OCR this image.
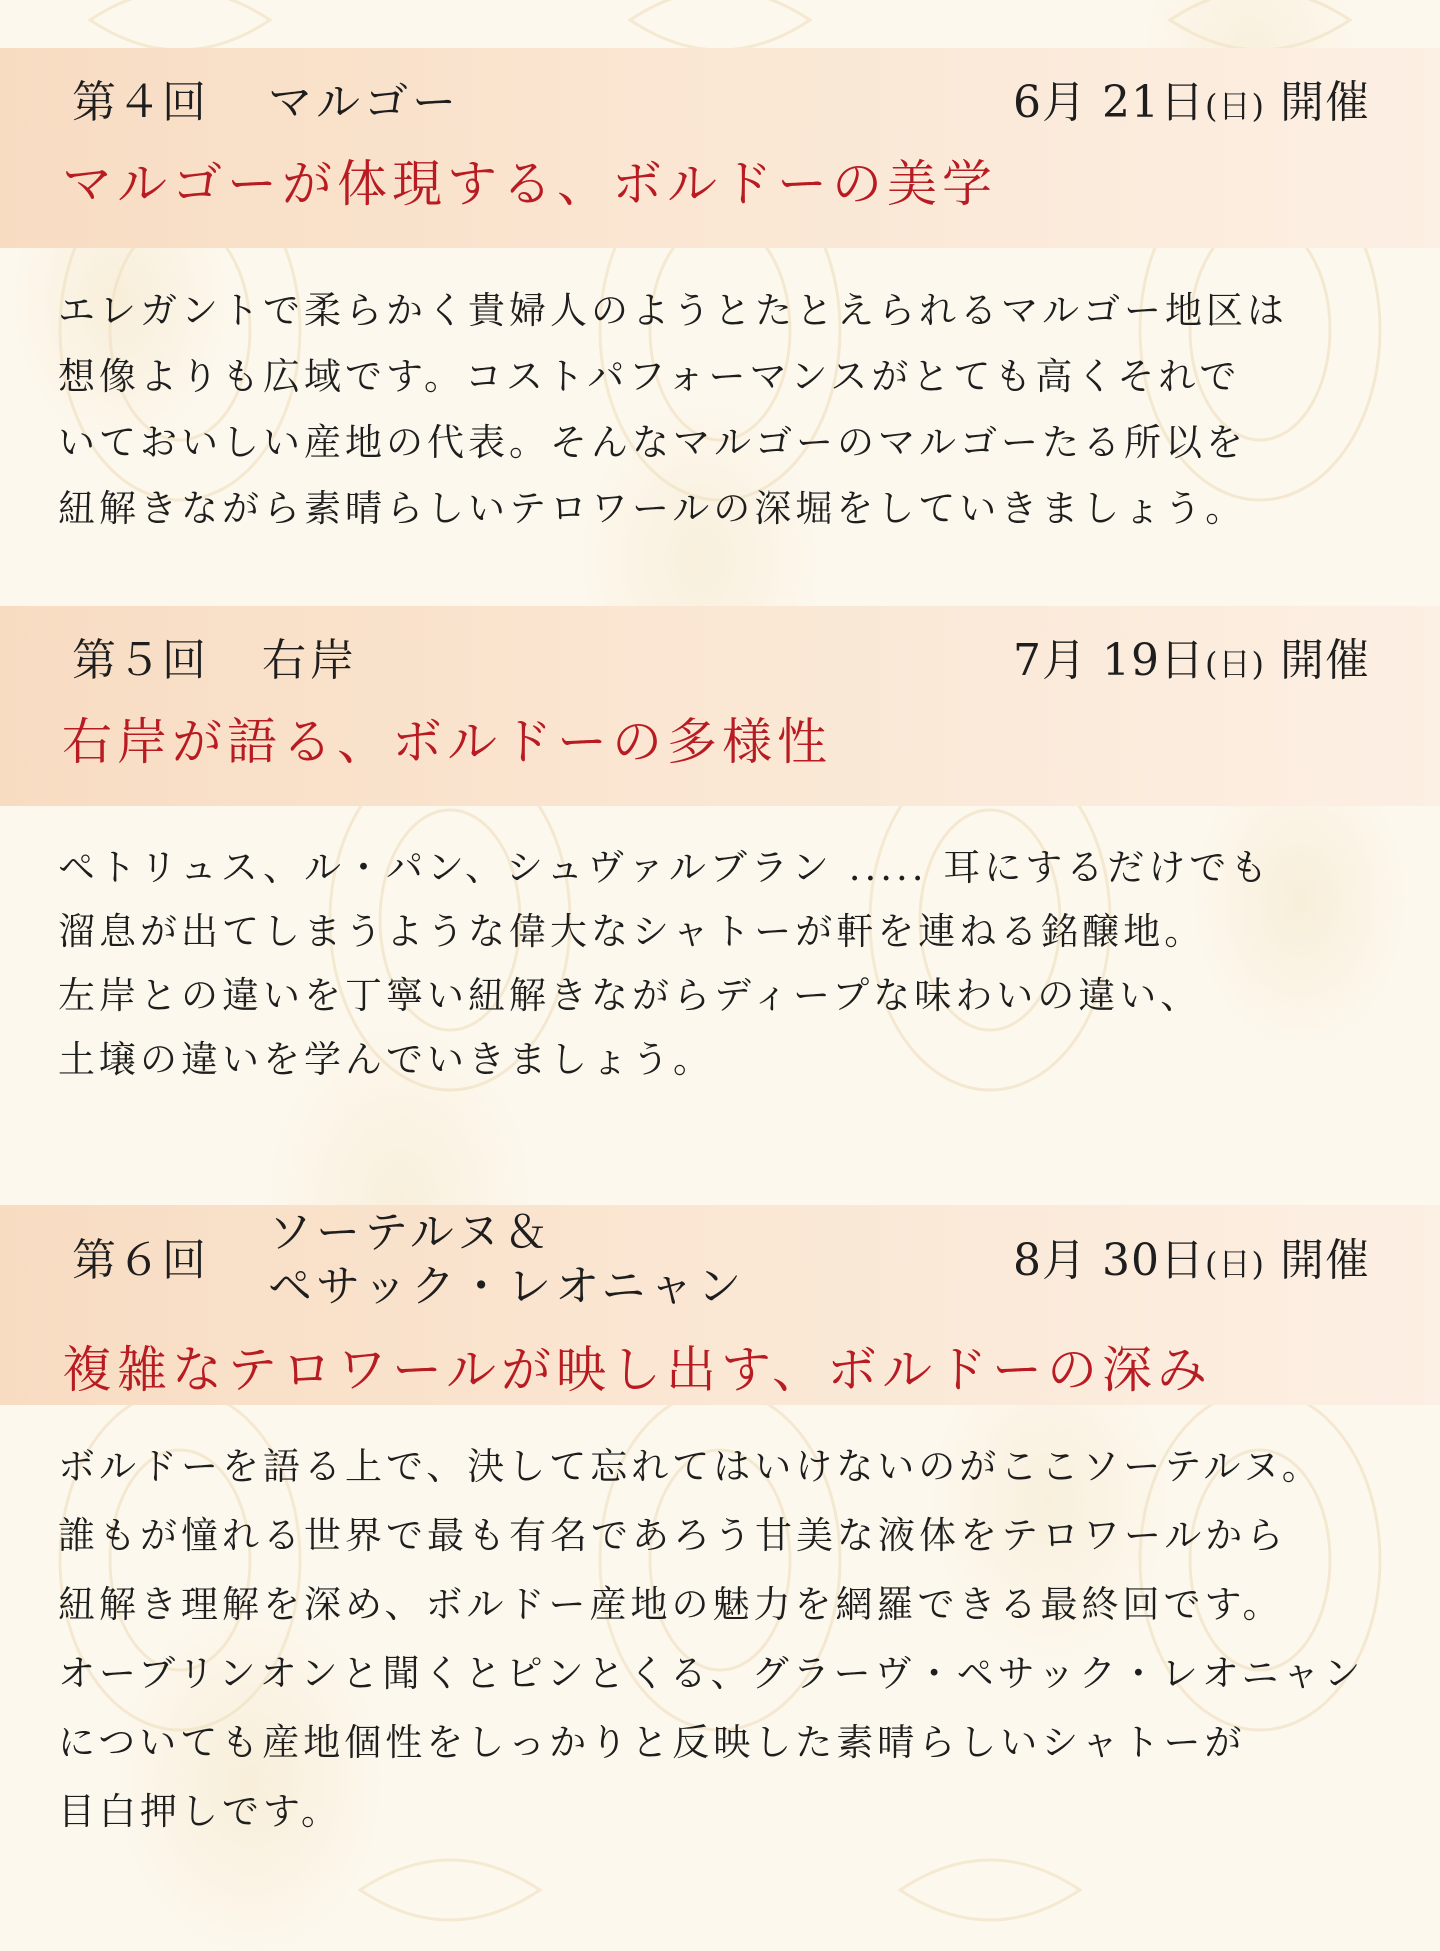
第４回 マルゴー	6月 21日(日) 開催
マルゴーが体現する、ボルドーの美学
エレガントで柔らかく貴婦人のようとたとえられるマルゴー地区は
想像よりも広域です。コストパフォーマンスがとても高くそれで
いておいしい産地の代表。そんなマルゴーのマルゴーたる所以を
紐解きながら素晴らしいテロワールの深堀をしていきましょう。
第５回 右岸	7月 19日(日) 開催
右岸が語る、ボルドーの多様性
ペトリュス、ル・パン、シュヴァルブラン ..... 耳にするだけでも
溜息が出てしまうような偉大なシャトーが軒を連ねる銘醸地。
左岸との違いを丁寧い紐解きながらディープな味わいの違い、
土壌の違いを学んでいきましょう。
第６回
ソーテルヌ＆
ペサック・レオニャン
8月 30日(日) 開催
複雑なテロワールが映し出す、ボルドーの深み
ボルドーを語る上で、決して忘れてはいけないのがここソーテルヌ。
誰もが憧れる世界で最も有名であろう甘美な液体をテロワールから
紐解き理解を深め、ボルドー産地の魅力を網羅できる最終回です。
オーブリンオンと聞くとピンとくる、グラーヴ・ペサック・レオニャン
についても産地個性をしっかりと反映した素晴らしいシャトーが
目白押しです。
